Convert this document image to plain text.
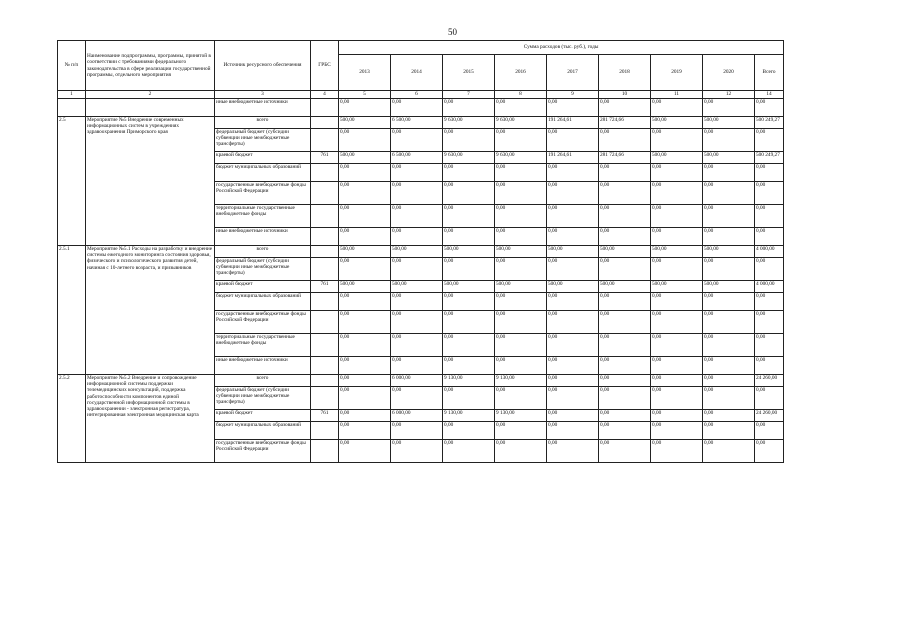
50
№ п/п	Наименование подпрограммы, программы, принятой в соответствии с требованиями федерального законодательства в сфере реализации государственной программы, отдельного мероприятия	Источник ресурсного обеспечения	ГРБС	Сумма расходов (тыс. руб.), годы								
				2013	2014	2015	2016	2017	2018	2019	2020	Всего
1	2	3	4	5	6	7	8	9	10	11	12	14
		иные внебюджетные источники		0,00	0,00	0,00	0,00	0,00	0,00	0,00	0,00	0,00
2.5	Мероприятие №5 Внедрение современных информационных систем в учреждениях здравоохранения Приморского края	всего		500,00	6 500,00	9 630,00	9 630,00	191 264,61	281 724,66	500,00	500,00	500 249,27
		федеральный бюджет (субсидии субвенции иные межбюджетные трансферты)		0,00	0,00	0,00	0,00	0,00	0,00	0,00	0,00	0,00
		краевой бюджет	761	500,00	6 500,00	9 630,00	9 630,00	191 264,61	281 724,66	500,00	500,00	500 249,27
		бюджет муниципальных образований		0,00	0,00	0,00	0,00	0,00	0,00	0,00	0,00	0,00
		государственные внебюджетные фонды Российской Федерации		0,00	0,00	0,00	0,00	0,00	0,00	0,00	0,00	0,00
		территориальные государственные внебюджетные фонды		0,00	0,00	0,00	0,00	0,00	0,00	0,00	0,00	0,00
		иные внебюджетные источники		0,00	0,00	0,00	0,00	0,00	0,00	0,00	0,00	0,00
2.5.1	Мероприятие №5.1 Расходы на разработку и внедрение системы ежегодного мониторинга состояния здоровья, физического и психологического развития детей, начиная с 10-летнего возраста, и призывников	всего		500,00	500,00	500,00	500,00	500,00	500,00	500,00	500,00	4 000,00
		федеральный бюджет (субсидии субвенции иные межбюджетные трансферты)		0,00	0,00	0,00	0,00	0,00	0,00	0,00	0,00	0,00
		краевой бюджет	761	500,00	500,00	500,00	500,00	500,00	500,00	500,00	500,00	4 000,00
		бюджет муниципальных образований		0,00	0,00	0,00	0,00	0,00	0,00	0,00	0,00	0,00
		государственные внебюджетные фонды Российской Федерации		0,00	0,00	0,00	0,00	0,00	0,00	0,00	0,00	0,00
		территориальные государственные внебюджетные фонды		0,00	0,00	0,00	0,00	0,00	0,00	0,00	0,00	0,00
		иные внебюджетные источники		0,00	0,00	0,00	0,00	0,00	0,00	0,00	0,00	0,00
2.5.2	Мероприятие №5.2 Внедрение и сопровождение информационной системы поддержки телемедицинских консультаций, поддержка работоспособности компонентов единой государственной информационной системы в здравоохранении - электронная регистратура, интегрированная электронная медицинская карта	всего		0,00	6 000,00	9 130,00	9 130,00	0,00	0,00	0,00	0,00	24 260,00
		федеральный бюджет (субсидии субвенции иные межбюджетные трансферты)		0,00	0,00	0,00	0,00	0,00	0,00	0,00	0,00	0,00
		краевой бюджет	761	0,00	6 000,00	9 130,00	9 130,00	0,00	0,00	0,00	0,00	24 260,00
		бюджет муниципальных образований		0,00	0,00	0,00	0,00	0,00	0,00	0,00	0,00	0,00
		государственные внебюджетные фонды Российской Федерации		0,00	0,00	0,00	0,00	0,00	0,00	0,00	0,00	0,00
